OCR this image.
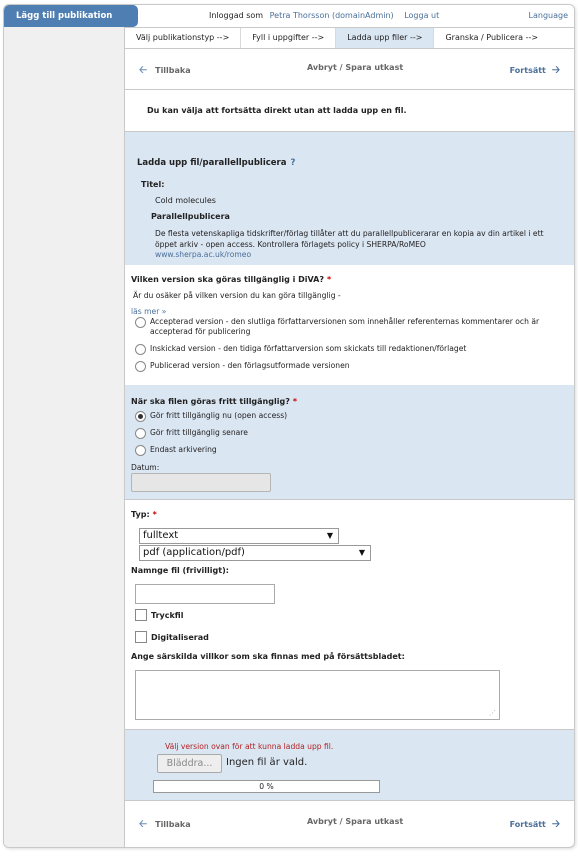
Lägg till publikation	Inloggad som Petra Thorsson (domainAdmin) Logga ut	Language
Välj publikationstyp -->	Fyll i uppgifter -->	Ladda upp filer -->	Granska / Publicera -->
🡠 Tillbaka	Avbryt / Spara utkast	Fortsätt 🡢

Du kan välja att fortsätta direkt utan att ladda upp en fil.

Ladda upp fil/parallellpublicera ?
Titel:
Cold molecules
Parallellpublicera
De flesta vetenskapliga tidskrifter/förlag tillåter att du parallellpublicerarar en kopia av din artikel i ett öppet arkiv - open access. Kontrollera förlagets policy i SHERPA/RoMEO
www.sherpa.ac.uk/romeo
Vilken version ska göras tillgänglig i DiVA? *
Är du osäker på vilken version du kan göra tillgänglig -
läs mer »
Accepterad version - den slutliga författarversionen som innehåller referenternas kommentarer och är accepterad för publicering
Inskickad version - den tidiga författarversion som skickats till redaktionen/förlaget
Publicerad version - den förlagsutformade versionen
När ska filen göras fritt tillgänglig? *
Gör fritt tillgänglig nu (open access)
Gör fritt tillgänglig senare
Endast arkivering
Datum:
Typ: *
fulltext	▼
pdf (application/pdf)	▼
Namnge fil (frivilligt):
Tryckfil
Digitaliserad
Ange särskilda villkor som ska finnas med på försättsbladet:
⋰
Välj version ovan för att kunna ladda upp fil.
Bläddra...	Ingen fil är vald.
0 %
🡠 Tillbaka	Avbryt / Spara utkast	Fortsätt 🡢
